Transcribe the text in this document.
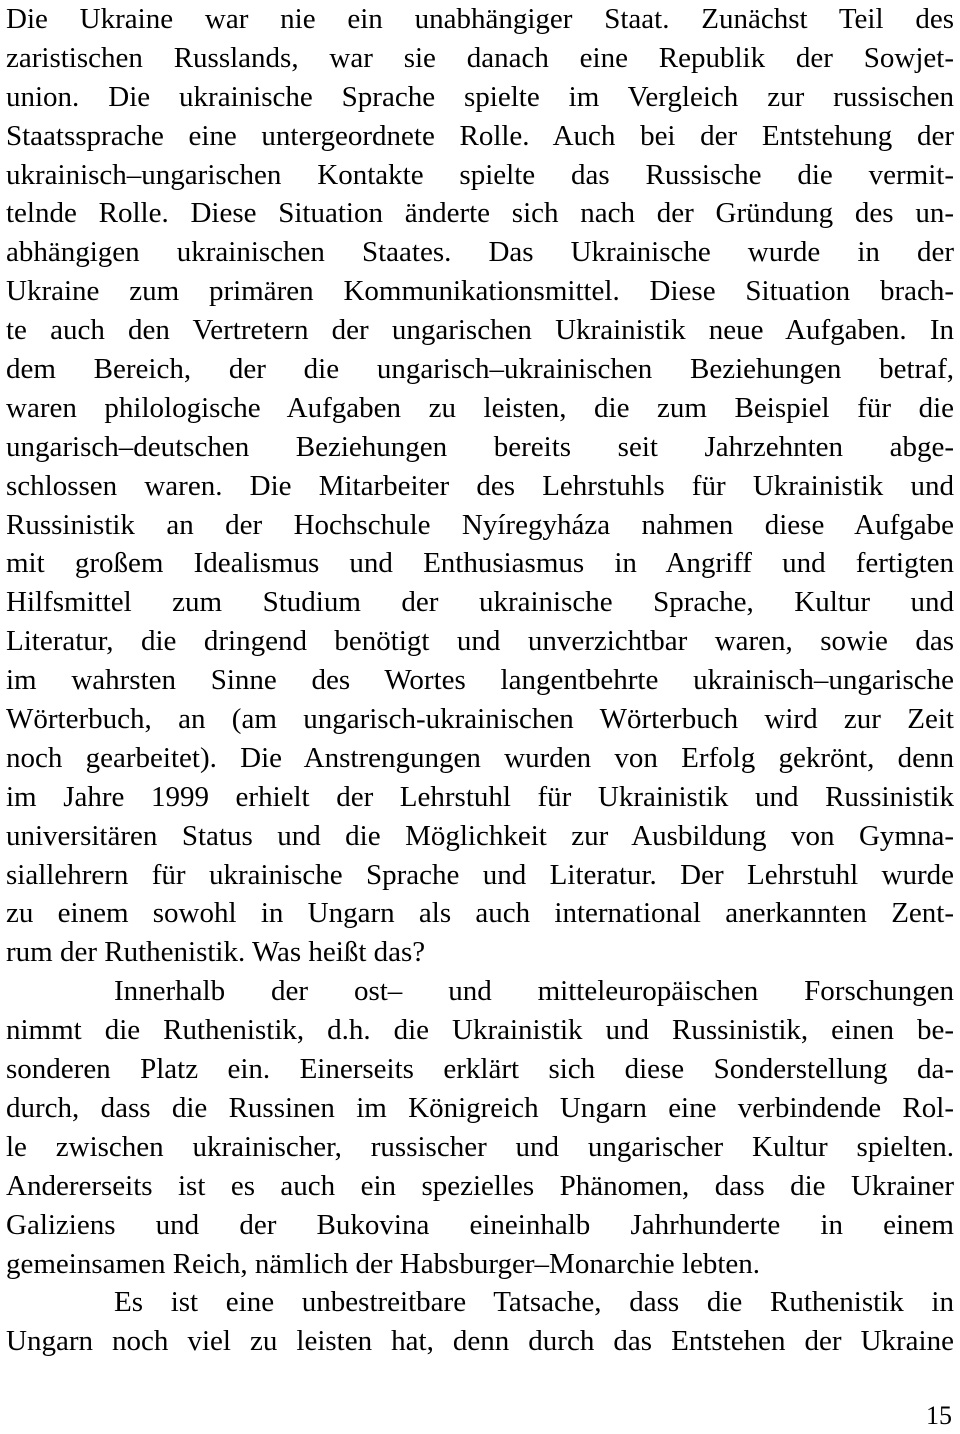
Die Ukraine war nie ein unabhängiger Staat. Zunächst Teil des
zaristischen Russlands, war sie danach eine Republik der Sowjet-
union. Die ukrainische Sprache spielte im Vergleich zur russischen
Staatssprache eine untergeordnete Rolle. Auch bei der Entstehung der
ukrainisch–ungarischen Kontakte spielte das Russische die vermit-
telnde Rolle. Diese Situation änderte sich nach der Gründung des un-
abhängigen ukrainischen Staates. Das Ukrainische wurde in der
Ukraine zum primären Kommunikationsmittel. Diese Situation brach-
te auch den Vertretern der ungarischen Ukrainistik neue Aufgaben. In
dem Bereich, der die ungarisch–ukrainischen Beziehungen betraf,
waren philologische Aufgaben zu leisten, die zum Beispiel für die
ungarisch–deutschen Beziehungen bereits seit Jahrzehnten abge-
schlossen waren. Die Mitarbeiter des Lehrstuhls für Ukrainistik und
Russinistik an der Hochschule Nyíregyháza nahmen diese Aufgabe
mit großem Idealismus und Enthusiasmus in Angriff und fertigten
Hilfsmittel zum Studium der ukrainische Sprache, Kultur und
Literatur, die dringend benötigt und unverzichtbar waren, sowie das
im wahrsten Sinne des Wortes langentbehrte ukrainisch–ungarische
Wörterbuch, an (am ungarisch-ukrainischen Wörterbuch wird zur Zeit
noch gearbeitet). Die Anstrengungen wurden von Erfolg gekrönt, denn
im Jahre 1999 erhielt der Lehrstuhl für Ukrainistik und Russinistik
universitären Status und die Möglichkeit zur Ausbildung von Gymna-
siallehrern für ukrainische Sprache und Literatur. Der Lehrstuhl wurde
zu einem sowohl in Ungarn als auch international anerkannten Zent-
rum der Ruthenistik. Was heißt das?
Innerhalb der ost– und mitteleuropäischen Forschungen
nimmt die Ruthenistik, d.h. die Ukrainistik und Russinistik, einen be-
sonderen Platz ein. Einerseits erklärt sich diese Sonderstellung da-
durch, dass die Russinen im Königreich Ungarn eine verbindende Rol-
le zwischen ukrainischer, russischer und ungarischer Kultur spielten.
Andererseits ist es auch ein spezielles Phänomen, dass die Ukrainer
Galiziens und der Bukovina eineinhalb Jahrhunderte in einem
gemeinsamen Reich, nämlich der Habsburger–Monarchie lebten.
Es ist eine unbestreitbare Tatsache, dass die Ruthenistik in
Ungarn noch viel zu leisten hat, denn durch das Entstehen der Ukraine
15
